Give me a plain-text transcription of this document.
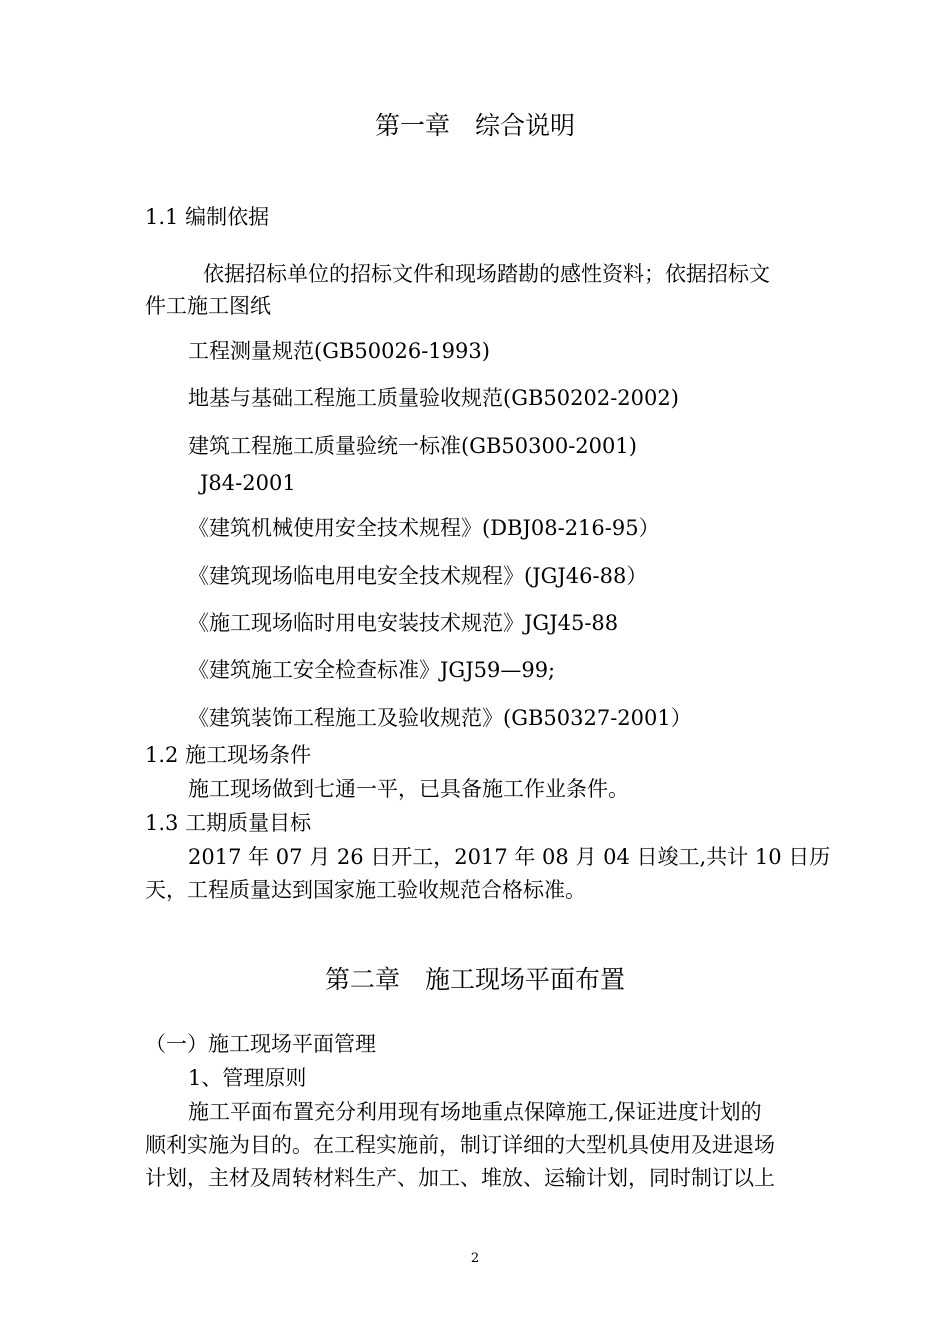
第一章　综合说明

1.1 编制依据

依据招标单位的招标文件和现场踏勘的感性资料；依据招标文

件工施工图纸

工程测量规范(GB50026-1993)

地基与基础工程施工质量验收规范(GB50202-2002)

建筑工程施工质量验统一标准(GB50300-2001)

J84-2001

《建筑机械使用安全技术规程》(DBJ08-216-95）

《建筑现场临电用电安全技术规程》(JGJ46-88）

《施工现场临时用电安装技术规范》JGJ45-88

《建筑施工安全检查标准》JGJ59—99;

《建筑装饰工程施工及验收规范》(GB50327-2001）

1.2 施工现场条件

施工现场做到七通一平，已具备施工作业条件。

1.3 工期质量目标

2017 年 07 月 26 日开工，2017 年 08 月 04 日竣工,共计 10 日历

天，工程质量达到国家施工验收规范合格标准。

第二章　施工现场平面布置

（一）施工现场平面管理

1、管理原则

施工平面布置充分利用现有场地重点保障施工,保证进度计划的

顺利实施为目的。在工程实施前，制订详细的大型机具使用及进退场

计划，主材及周转材料生产、加工、堆放、运输计划，同时制订以上

2
